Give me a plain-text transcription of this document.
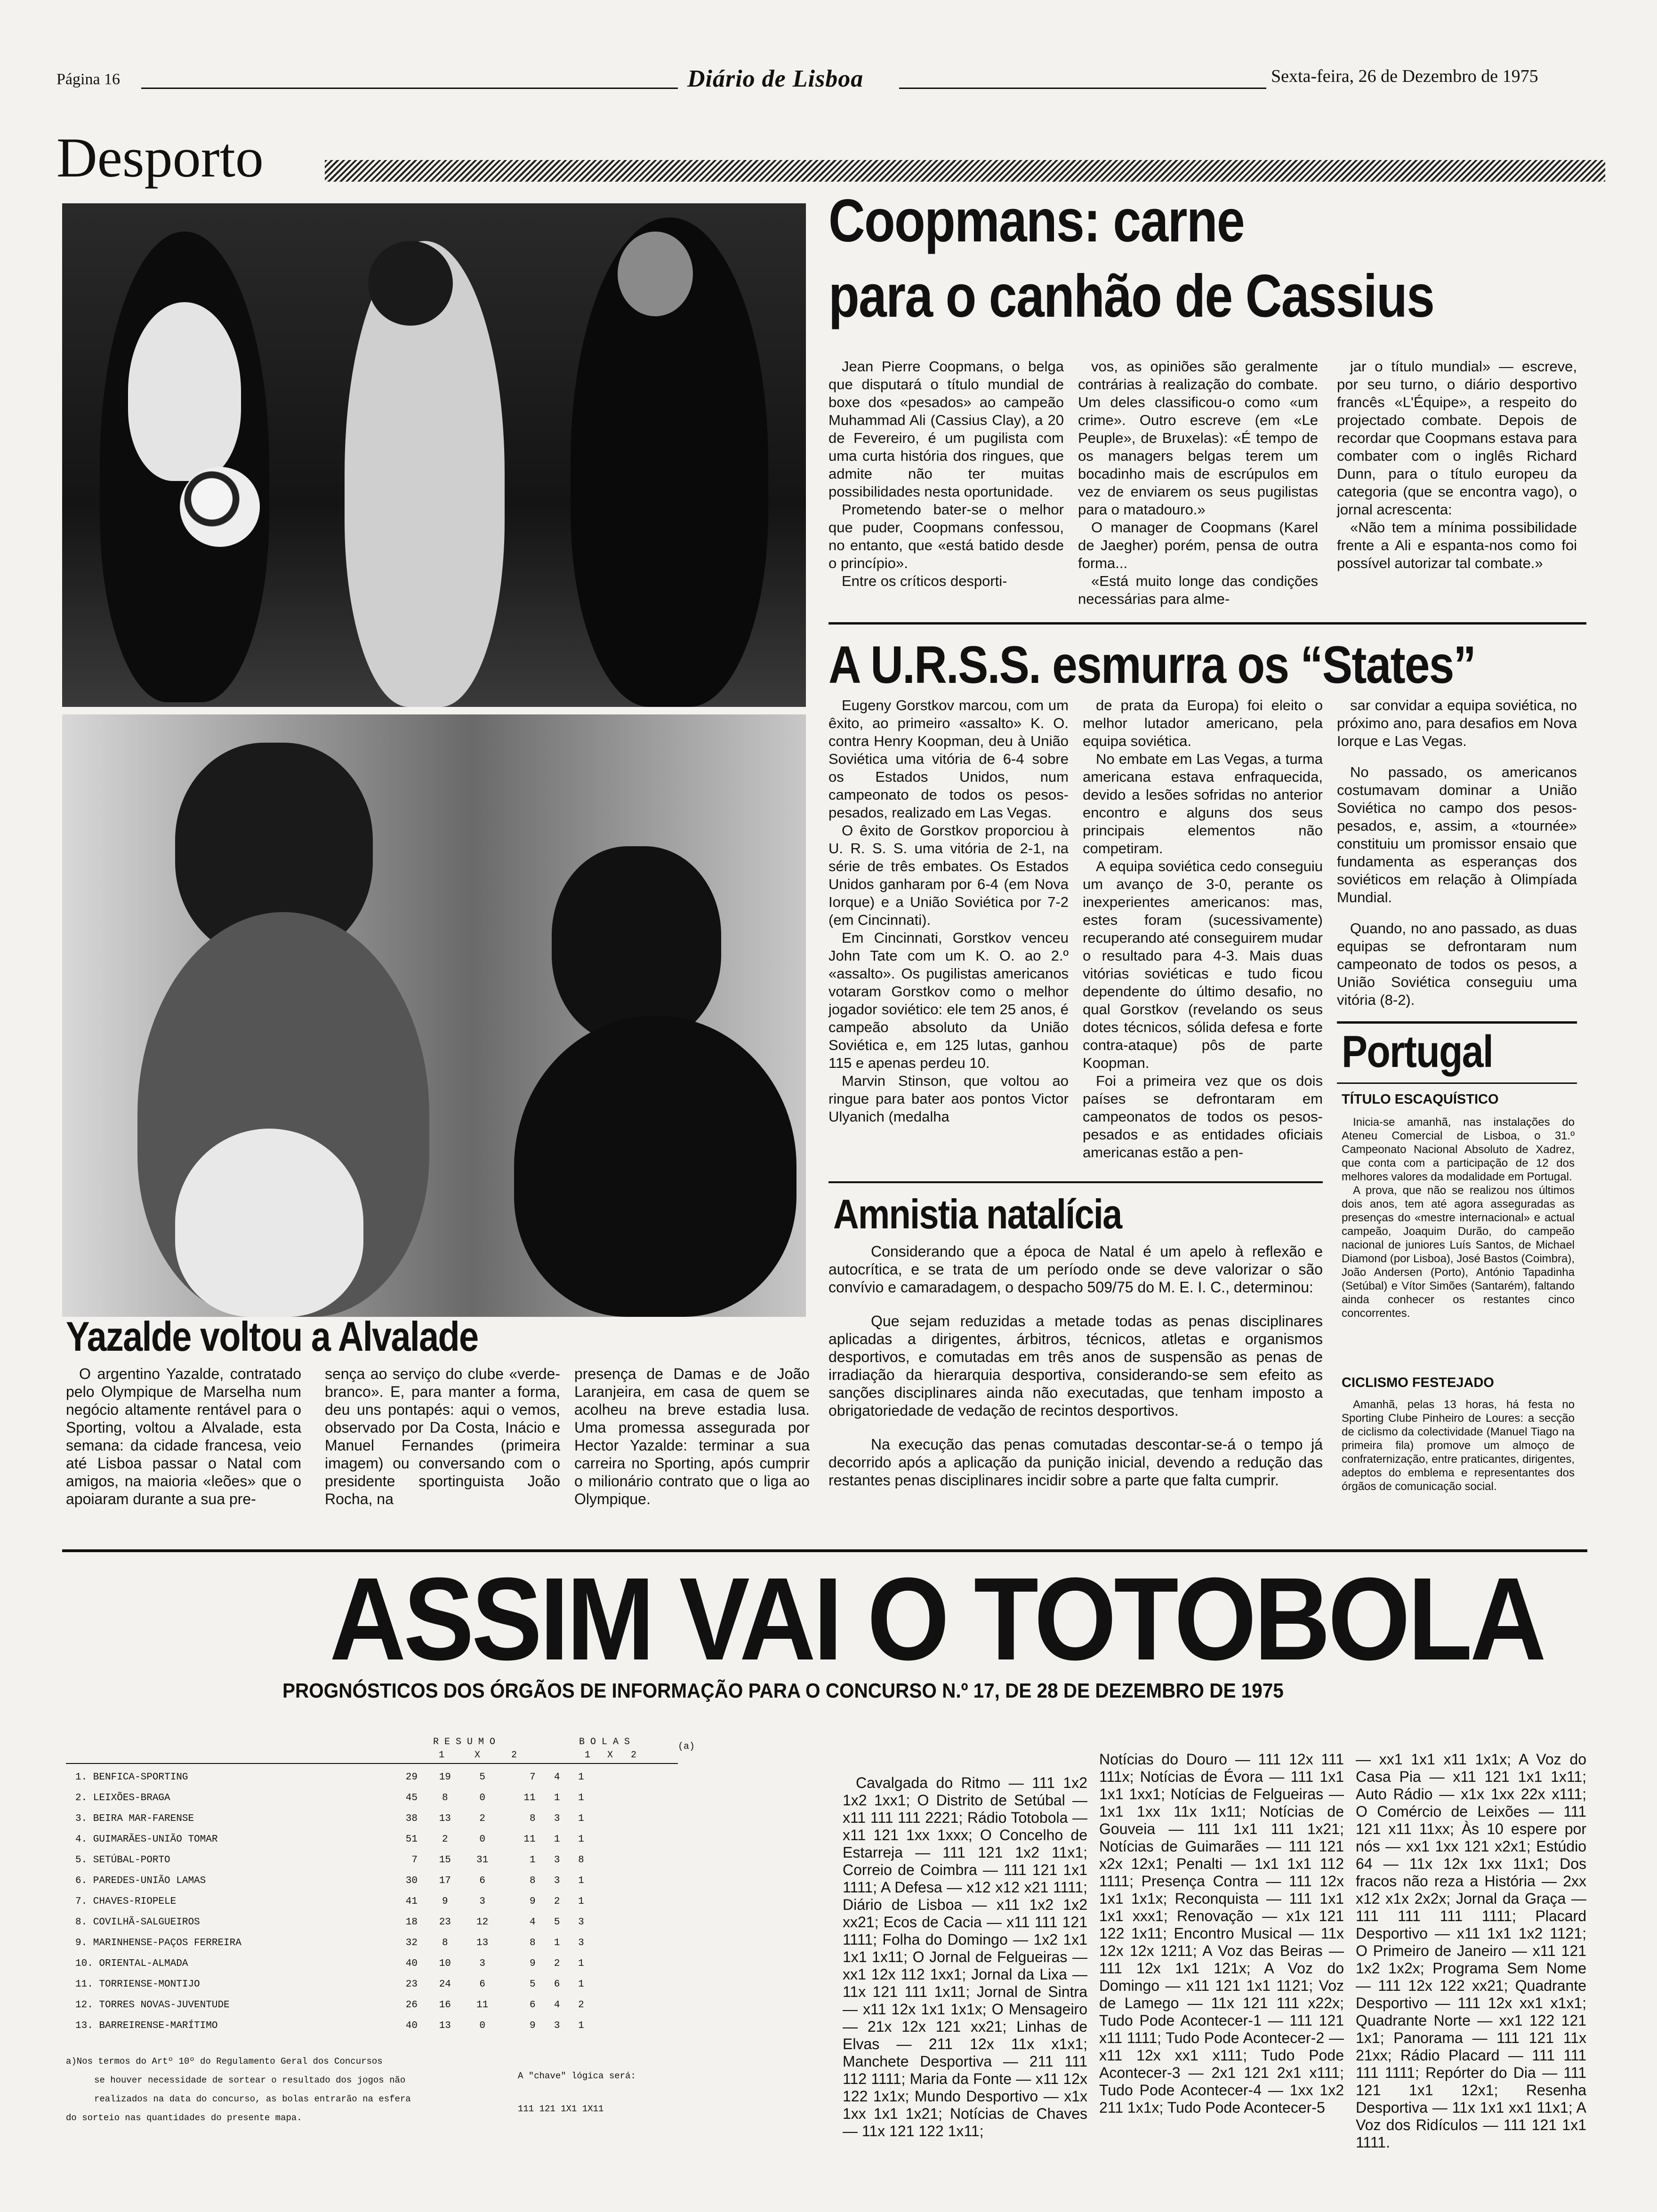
Página 16	Diário de Lisboa	Sexta-feira, 26 de Dezembro de 1975
Desporto
Coopmans: carne
para o canhão de Cassius

Jean Pierre Coopmans, o belga que disputará o título mundial de boxe dos «pesados» ao campeão Muhammad Ali (Cassius Clay), a 20 de Fevereiro, é um pugilista com uma curta história dos ringues, que admite não ter muitas possibilidades nesta oportunidade.

Prometendo bater-se o melhor que puder, Coopmans confessou, no entanto, que «está batido desde o princípio».

Entre os críticos desporti-

vos, as opiniões são geralmente contrárias à realização do combate. Um deles classificou-o como «um crime». Outro escreve (em «Le Peuple», de Bruxelas): «É tempo de os managers belgas terem um bocadinho mais de escrúpulos em vez de enviarem os seus pugilistas para o matadouro.»

O manager de Coopmans (Karel de Jaegher) porém, pensa de outra forma...

«Está muito longe das condições necessárias para alme-

jar o título mundial» — escreve, por seu turno, o diário desportivo francês «L'Équipe», a respeito do projectado combate. Depois de recordar que Coopmans estava para combater com o inglês Richard Dunn, para o título europeu da categoria (que se encontra vago), o jornal acrescenta:

«Não tem a mínima possibilidade frente a Ali e espanta-nos como foi possível autorizar tal combate.»

A U.R.S.S. esmurra os “States”

Eugeny Gorstkov marcou, com um êxito, ao primeiro «assalto» K. O. contra Henry Koopman, deu à União Soviética uma vitória de 6-4 sobre os Estados Unidos, num campeonato de todos os pesos-pesados, realizado em Las Vegas.

O êxito de Gorstkov proporciou à U. R. S. S. uma vitória de 2-1, na série de três embates. Os Estados Unidos ganharam por 6-4 (em Nova Iorque) e a União Soviética por 7-2 (em Cincinnati).

Em Cincinnati, Gorstkov venceu John Tate com um K. O. ao 2.º «assalto». Os pugilistas americanos votaram Gorstkov como o melhor jogador soviético: ele tem 25 anos, é campeão absoluto da União Soviética e, em 125 lutas, ganhou 115 e apenas perdeu 10.

Marvin Stinson, que voltou ao ringue para bater aos pontos Victor Ulyanich (medalha

de prata da Europa) foi eleito o melhor lutador americano, pela equipa soviética.

No embate em Las Vegas, a turma americana estava enfraquecida, devido a lesões sofridas no anterior encontro e alguns dos seus principais elementos não competiram.

A equipa soviética cedo conseguiu um avanço de 3-0, perante os inexperientes americanos: mas, estes foram (sucessivamente) recuperando até conseguirem mudar o resultado para 4-3. Mais duas vitórias soviéticas e tudo ficou dependente do último desafio, no qual Gorstkov (revelando os seus dotes técnicos, sólida defesa e forte contra-ataque) pôs de parte Koopman.

Foi a primeira vez que os dois países se defrontaram em campeonatos de todos os pesos-pesados e as entidades oficiais americanas estão a pen-

sar convidar a equipa soviética, no próximo ano, para desafios em Nova Iorque e Las Vegas.

No passado, os americanos costumavam dominar a União Soviética no campo dos pesos-pesados, e, assim, a «tournée» constituiu um promissor ensaio que fundamenta as esperanças dos soviéticos em relação à Olimpíada Mundial.

Quando, no ano passado, as duas equipas se defrontaram num campeonato de todos os pesos, a União Soviética conseguiu uma vitória (8-2).

Portugal
TÍTULO ESCAQUÍSTICO

Inicia-se amanhã, nas instalações do Ateneu Comercial de Lisboa, o 31.º Campeonato Nacional Absoluto de Xadrez, que conta com a participação de 12 dos melhores valores da modalidade em Portugal.

A prova, que não se realizou nos últimos dois anos, tem até agora asseguradas as presenças do «mestre internacional» e actual campeão, Joaquim Durão, do campeão nacional de juniores Luís Santos, de Michael Diamond (por Lisboa), José Bastos (Coimbra), João Andersen (Porto), António Tapadinha (Setúbal) e Vítor Simões (Santarém), faltando ainda conhecer os restantes cinco concorrentes.

CICLISMO FESTEJADO

Amanhã, pelas 13 horas, há festa no Sporting Clube Pinheiro de Loures: a secção de ciclismo da colectividade (Manuel Tiago na primeira fila) promove um almoço de confraternização, entre praticantes, dirigentes, adeptos do emblema e representantes dos órgãos de comunicação social.

Amnistia natalícia

Considerando que a época de Natal é um apelo à reflexão e autocrítica, e se trata de um período onde se deve valorizar o são convívio e camaradagem, o despacho 509/75 do M. E. I. C., determinou:

Que sejam reduzidas a metade todas as penas disciplinares aplicadas a dirigentes, árbitros, técnicos, atletas e organismos desportivos, e comutadas em três anos de suspensão as penas de irradiação da hierarquia desportiva, considerando-se sem efeito as sanções disciplinares ainda não executadas, que tenham imposto a obrigatoriedade de vedação de recintos desportivos.

Na execução das penas comutadas descontar-se-á o tempo já decorrido após a aplicação da punição inicial, devendo a redução das restantes penas disciplinares incidir sobre a parte que falta cumprir.

Yazalde voltou a Alvalade
O argentino Yazalde, contratado pelo Olympique de Marselha num negócio altamente rentável para o Sporting, voltou a Alvalade, esta semana: da cidade francesa, veio até Lisboa passar o Natal com amigos, na maioria «leões» que o apoiaram durante a sua pre-
sença ao serviço do clube «verde-branco». E, para manter a forma, deu uns pontapés: aqui o vemos, observado por Da Costa, Inácio e Manuel Fernandes (primeira imagem) ou conversando com o presidente sportinguista João Rocha, na
presença de Damas e de João Laranjeira, em casa de quem se acolheu na breve estadia lusa. Uma promessa assegurada por Hector Yazalde: terminar a sua carreira no Sporting, após cumprir o milionário contrato que o liga ao Olympique.
ASSIM VAI O TOTOBOLA
PROGNÓSTICOS DOS ÓRGÃOS DE INFORMAÇÃO PARA O CONCURSO N.º 17, DE 28 DE DEZEMBRO DE 1975
R E S U M O	B O L A S	(a)
1	X	2	1 X 2
1. BENFICA-SPORTING	29	19	5	7	4	1
2. LEIXÕES-BRAGA	45	8	0	11	1	1
3. BEIRA MAR-FARENSE	38	13	2	8	3	1
4. GUIMARÃES-UNIÃO TOMAR	51	2	0	11	1	1
5. SETÚBAL-PORTO	7	15	31	1	3	8
6. PAREDES-UNIÃO LAMAS	30	17	6	8	3	1
7. CHAVES-RIOPELE	41	9	3	9	2	1
8. COVILHÃ-SALGUEIROS	18	23	12	4	5	3
9. MARINHENSE-PAÇOS FERREIRA	32	8	13	8	1	3
10. ORIENTAL-ALMADA	40	10	3	9	2	1
11. TORRIENSE-MONTIJO	23	24	6	5	6	1
12. TORRES NOVAS-JUVENTUDE	26	16	11	6	4	2
13. BARREIRENSE-MARÍTIMO	40	13	0	9	3	1
a)Nos termos do Artº 10º do Regulamento Geral dos Concursos
se houver necessidade de sortear o resultado dos jogos não
realizados na data do concurso, as bolas entrarão na esfera
do sorteio nas quantidades do presente mapa.
A "chave" lógica será:
111 121 1X1 1X11
Cavalgada do Ritmo — 111 1x2 1x2 1xx1; O Distrito de Setúbal — x11 111 111 2221; Rádio Totobola — x11 121 1xx 1xxx; O Concelho de Estarreja — 111 121 1x2 11x1; Correio de Coimbra — 111 121 1x1 1111; A Defesa — x12 x12 x21 1111; Diário de Lisboa — x11 1x2 1x2 xx21; Ecos de Cacia — x11 111 121 1111; Folha do Domingo — 1x2 1x1 1x1 1x11; O Jornal de Felgueiras — xx1 12x 112 1xx1; Jornal da Lixa — 11x 121 111 1x11; Jornal de Sintra — x11 12x 1x1 1x1x; O Mensageiro — 21x 12x 121 xx21; Linhas de Elvas — 211 12x 11x x1x1; Manchete Desportiva — 211 111 112 1111; Maria da Fonte — x11 12x 122 1x1x; Mundo Desportivo — x1x 1xx 1x1 1x21; Notícias de Chaves — 11x 121 122 1x11;
Notícias do Douro — 111 12x 111 111x; Notícias de Évora — 111 1x1 1x1 1xx1; Notícias de Felgueiras — 1x1 1xx 11x 1x11; Notícias de Gouveia — 111 1x1 111 1x21; Notícias de Guimarães — 111 121 x2x 12x1; Penalti — 1x1 1x1 112 1111; Presença Contra — 111 12x 1x1 1x1x; Reconquista — 111 1x1 1x1 xxx1; Renovação — x1x 121 122 1x11; Encontro Musical — 11x 12x 12x 1211; A Voz das Beiras — 111 12x 1x1 121x; A Voz do Domingo — x11 121 1x1 1121; Voz de Lamego — 11x 121 111 x22x; Tudo Pode Acontecer-1 — 111 121 x11 1111; Tudo Pode Acontecer-2 — x11 12x xx1 x111; Tudo Pode Acontecer-3 — 2x1 121 2x1 x111; Tudo Pode Acontecer-4 — 1xx 1x2 211 1x1x; Tudo Pode Acontecer-5
— xx1 1x1 x11 1x1x; A Voz do Casa Pia — x11 121 1x1 1x11; Auto Rádio — x1x 1xx 22x x111; O Comércio de Leixões — 111 121 x11 11xx; Às 10 espere por nós — xx1 1xx 121 x2x1; Estúdio 64 — 11x 12x 1xx 11x1; Dos fracos não reza a História — 2xx x12 x1x 2x2x; Jornal da Graça — 111 111 111 1111; Placard Desportivo — x11 1x1 1x2 1121; O Primeiro de Janeiro — x11 121 1x2 1x2x; Programa Sem Nome — 111 12x 122 xx21; Quadrante Desportivo — 111 12x xx1 x1x1; Quadrante Norte — xx1 122 121 1x1; Panorama — 111 121 11x 21xx; Rádio Placard — 111 111 111 1111; Repórter do Dia — 111 121 1x1 12x1; Resenha Desportiva — 11x 1x1 xx1 11x1; A Voz dos Ridículos — 111 121 1x1 1111.
